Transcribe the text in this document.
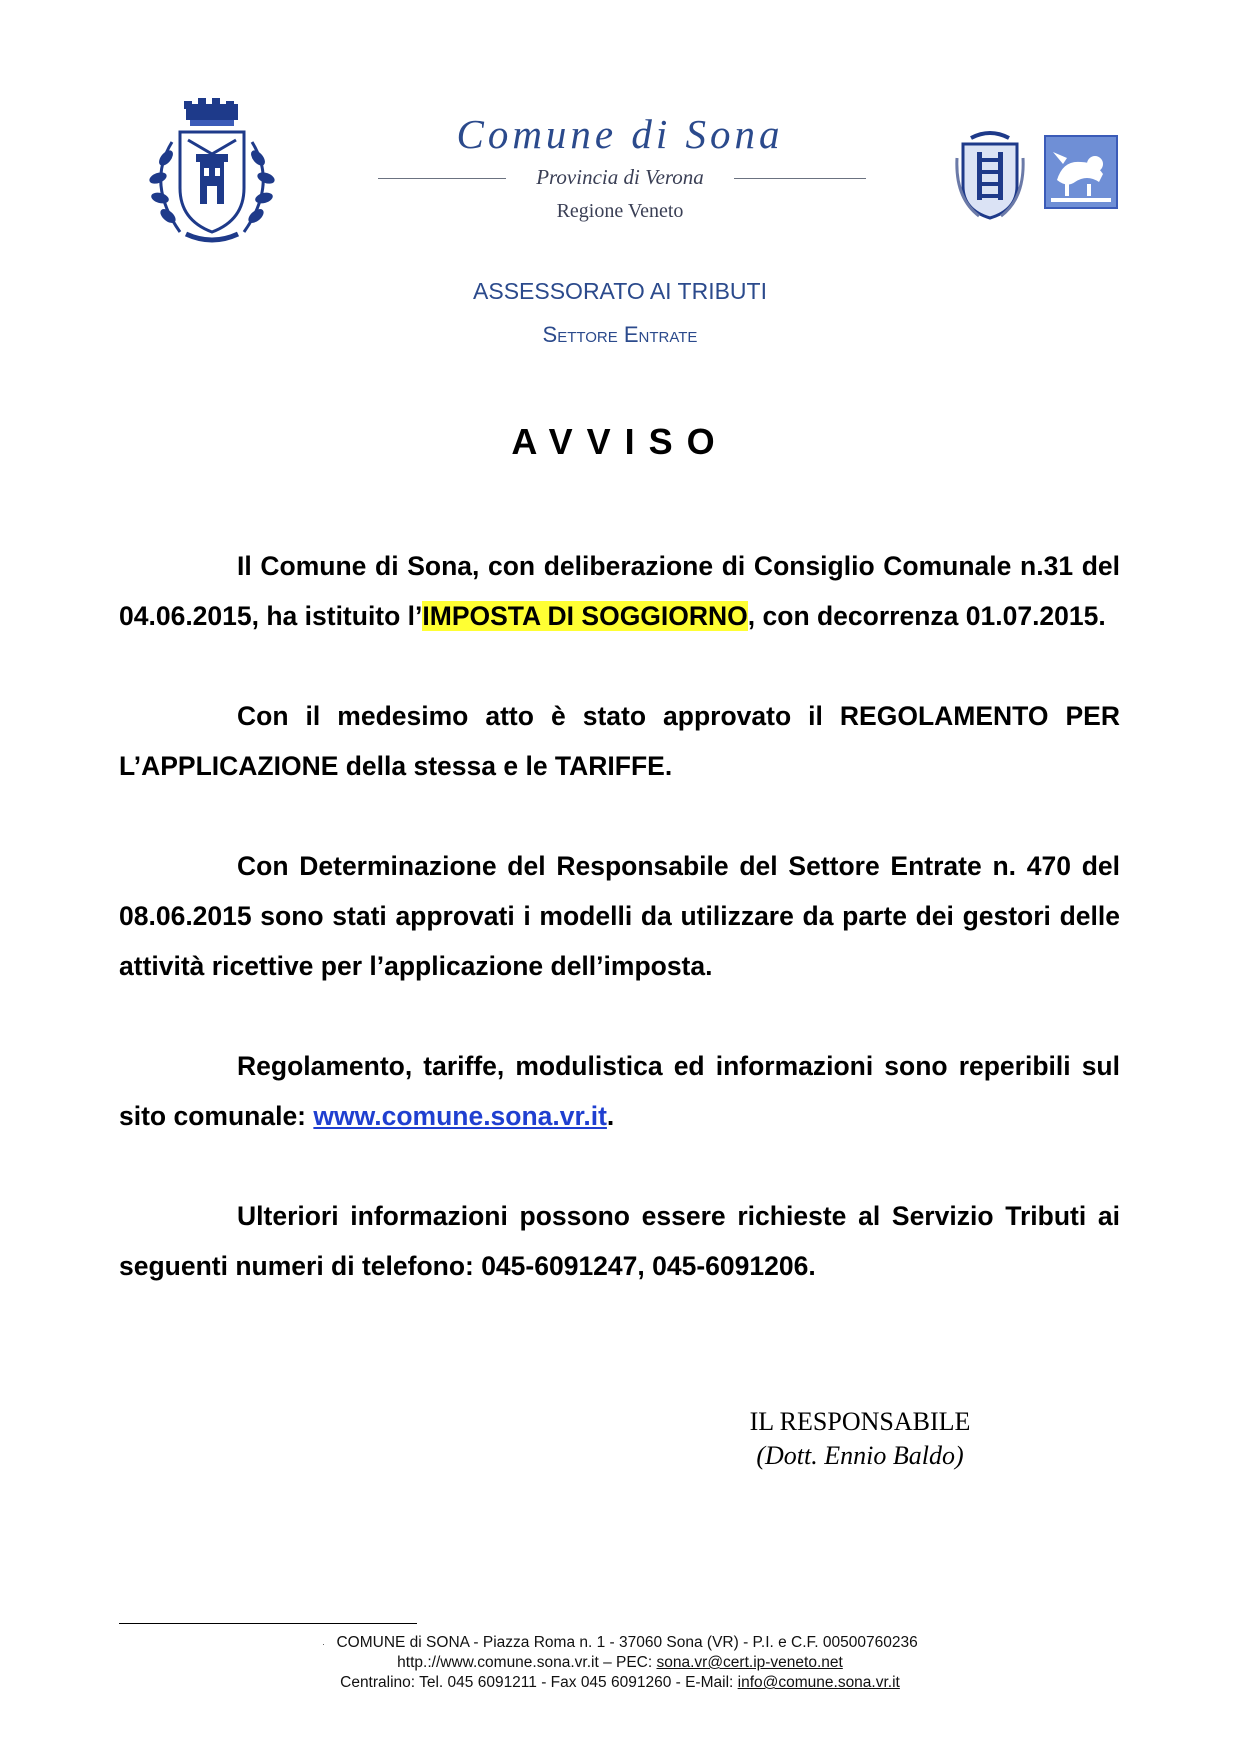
Comune di Sona
Provincia di Verona
Regione Veneto
ASSESSORATO AI TRIBUTI
Settore Entrate
AVVISO

Il Comune di Sona, con deliberazione di Consiglio Comunale n.31 del 04.06.2015, ha istituito l’IMPOSTA DI SOGGIORNO, con decorrenza 01.07.2015.

Con il medesimo atto è stato approvato il REGOLAMENTO PER L’APPLICAZIONE della stessa e le TARIFFE.

Con Determinazione del Responsabile del Settore Entrate n. 470 del 08.06.2015 sono stati approvati i modelli da utilizzare da parte dei gestori delle attività ricettive per l’applicazione dell’imposta.

Regolamento, tariffe, modulistica ed informazioni sono reperibili sul sito comunale: www.comune.sona.vr.it.

Ulteriori informazioni possono essere richieste al Servizio Tributi ai seguenti numeri di telefono: 045-6091247, 045-6091206.

IL RESPONSABILE
(Dott. Ennio Baldo)
. COMUNE di SONA - Piazza Roma n. 1 - 37060 Sona (VR) - P.I. e C.F. 00500760236
http.://www.comune.sona.vr.it – PEC: sona.vr@cert.ip-veneto.net
Centralino: Tel. 045 6091211 - Fax 045 6091260 - E-Mail: info@comune.sona.vr.it
